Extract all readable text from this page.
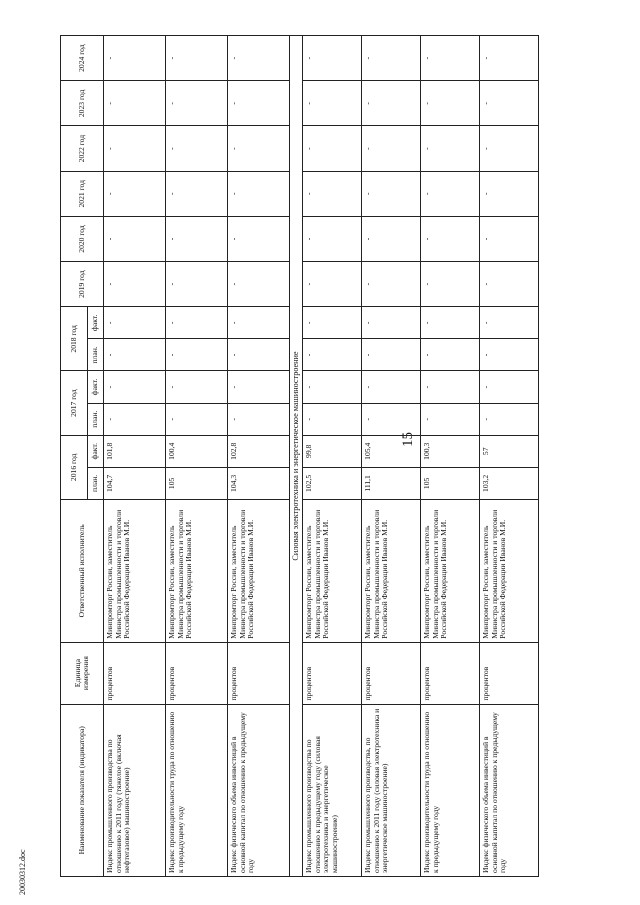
15
20030312.doc
Наименование показателя (индикатора)	Единица измерения	Ответственный исполнитель	2016 год		2017 год		2018 год		2019 год	2020 год	2021 год	2022 год	2023 год	2024 год
			план.	факт.	план.	факт.	план.	факт.						
Индекс промышленного производства по отношению к 2011 году (тяжелое (включая нефтегазовое) машиностроение)	процентов	Минпромторг России, заместитель Министра промышленности и торговли Российской Федерации Иванов М.И.	104,7	101,8	-	-	-	-	-	-	-	-	-	-
Индекс производительности труда по отношению к предыдущему году	процентов	Минпромторг России, заместитель Министра промышленности и торговли Российской Федерации Иванов М.И.	105	100,4	-	-	-	-	-	-	-	-	-	-
Индекс физического объема инвестиций в основной капитал по отношению к предыдущему году	процентов	Минпромторг России, заместитель Министра промышленности и торговли Российской Федерации Иванов М.И.	104,3	102,8	-	-	-	-	-	-	-	-	-	-
Силовая электротехника и энергетическое машиностроение														
Индекс промышленного производства по отношению к предыдущему году (силовая электротехника и энергетическое машиностроение)	процентов	Минпромторг России, заместитель Министра промышленности и торговли Российской Федерации Иванов М.И.	102,5	99,8	-	-	-	-	-	-	-	-	-	-
Индекс промышленного производства, по отношению к 2011 году (силовая электротехника и энергетическое машиностроение)	процентов	Минпромторг России, заместитель Министра промышленности и торговли Российской Федерации Иванов М.И.	111,1	105,4	-	-	-	-	-	-	-	-	-	-
Индекс производительности труда по отношению к предыдущему году	процентов	Минпромторг России, заместитель Министра промышленности и торговли Российской Федерации Иванов М.И.	105	100,3	-	-	-	-	-	-	-	-	-	-
Индекс физического объема инвестиций в основной капитал по отношению к предыдущему году	процентов	Минпромторг России, заместитель Министра промышленности и торговли Российской Федерации Иванов М.И.	103,2	57	-	-	-	-	-	-	-	-	-	-
